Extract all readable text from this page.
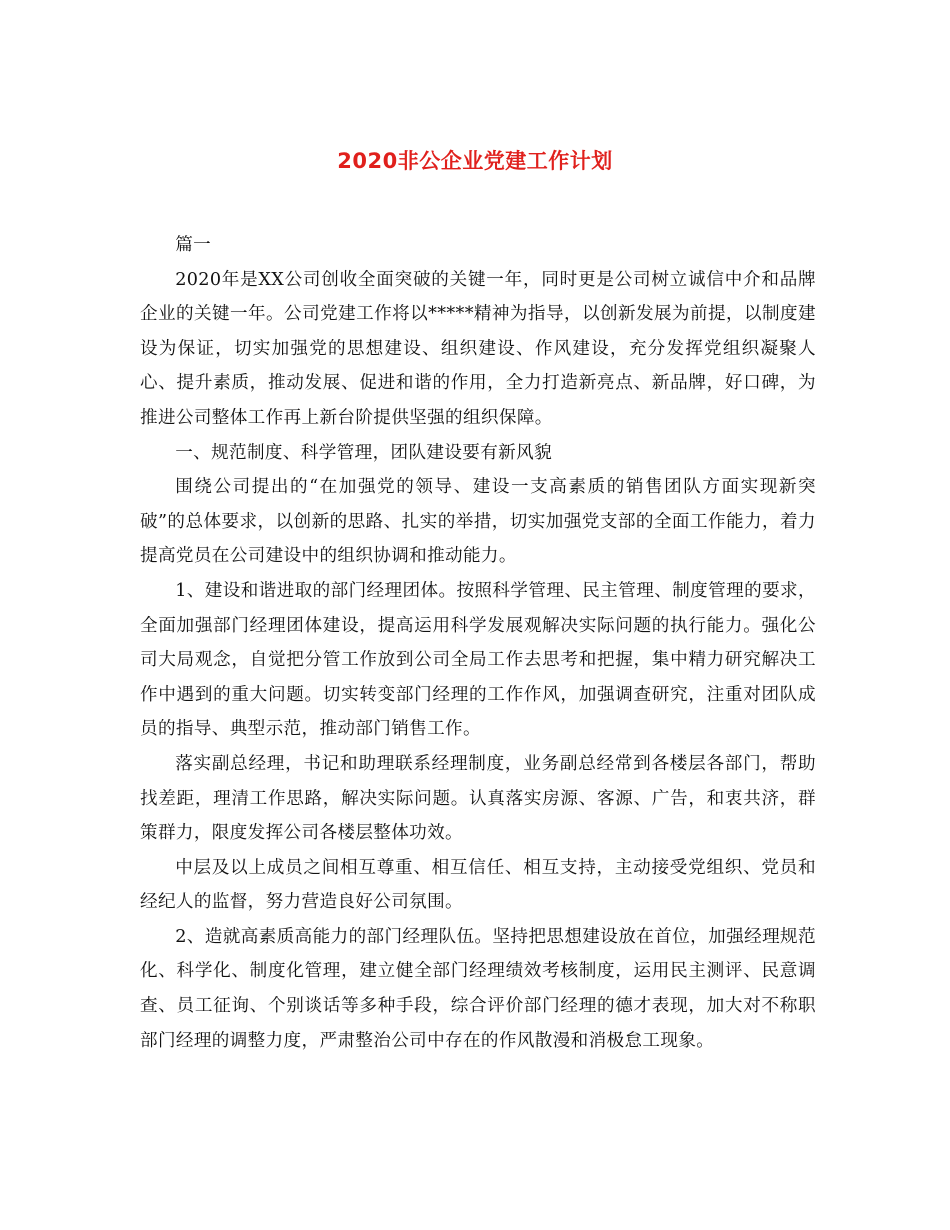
2020非公企业党建工作计划

篇一

2020年是XX公司创收全面突破的关键一年，同时更是公司树立诚信中介和品牌企业的关键一年。公司党建工作将以*****精神为指导，以创新发展为前提，以制度建设为保证，切实加强党的思想建设、组织建设、作风建设，充分发挥党组织凝聚人心、提升素质，推动发展、促进和谐的作用，全力打造新亮点、新品牌，好口碑，为推进公司整体工作再上新台阶提供坚强的组织保障。

一、规范制度、科学管理，团队建设要有新风貌

围绕公司提出的“在加强党的领导、建设一支高素质的销售团队方面实现新突破”的总体要求，以创新的思路、扎实的举措，切实加强党支部的全面工作能力，着力提高党员在公司建设中的组织协调和推动能力。

1、建设和谐进取的部门经理团体。按照科学管理、民主管理、制度管理的要求，全面加强部门经理团体建设，提高运用科学发展观解决实际问题的执行能力。强化公司大局观念，自觉把分管工作放到公司全局工作去思考和把握，集中精力研究解决工作中遇到的重大问题。切实转变部门经理的工作作风，加强调查研究，注重对团队成员的指导、典型示范，推动部门销售工作。

落实副总经理，书记和助理联系经理制度，业务副总经常到各楼层各部门，帮助找差距，理清工作思路，解决实际问题。认真落实房源、客源、广告，和衷共济，群策群力，限度发挥公司各楼层整体功效。

中层及以上成员之间相互尊重、相互信任、相互支持，主动接受党组织、党员和经纪人的监督，努力营造良好公司氛围。

2、造就高素质高能力的部门经理队伍。坚持把思想建设放在首位，加强经理规范化、科学化、制度化管理，建立健全部门经理绩效考核制度，运用民主测评、民意调查、员工征询、个别谈话等多种手段，综合评价部门经理的德才表现，加大对不称职部门经理的调整力度，严肃整治公司中存在的作风散漫和消极怠工现象。
